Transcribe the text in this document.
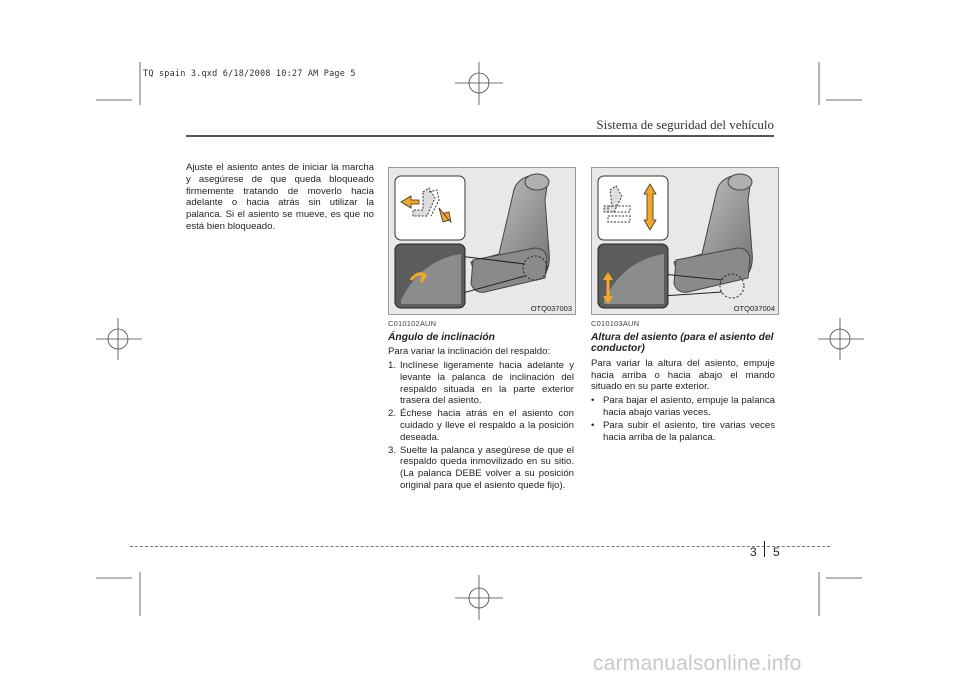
TQ spain 3.qxd 6/18/2008 10:27 AM Page 5
Sistema de seguridad del vehículo
Ajuste el asiento antes de iniciar la marcha y asegúrese de que queda bloqueado firmemente tratando de moverlo hacia adelante o hacia atrás sin utilizar la palanca. Si el asiento se mueve, es que no está bien bloqueado.
OTQ037003	OTQ037004
C010102AUN
Ángulo de inclinación

Para variar la inclinación del respaldo:

1. Inclínese ligeramente hacia adelante y levante la palanca de inclinación del respaldo situada en la parte exterior trasera del asiento.
2. Échese hacia atrás en el asiento con cuidado y lleve el respaldo a la posición deseada.
3. Suelte la palanca y asegúrese de que el respaldo queda inmovilizado en su sitio. (La palanca DEBE volver a su posición original para que el asiento quede fijo).
C010103AUN
Altura del asiento (para el asiento del conductor)

Para variar la altura del asiento, empuje hacia arriba o hacia abajo el mando situado en su parte exterior.

• Para bajar el asiento, empuje la palanca hacia abajo varias veces.
• Para subir el asiento, tire varias veces hacia arriba de la palanca.
3 5
carmanualsonline.info
